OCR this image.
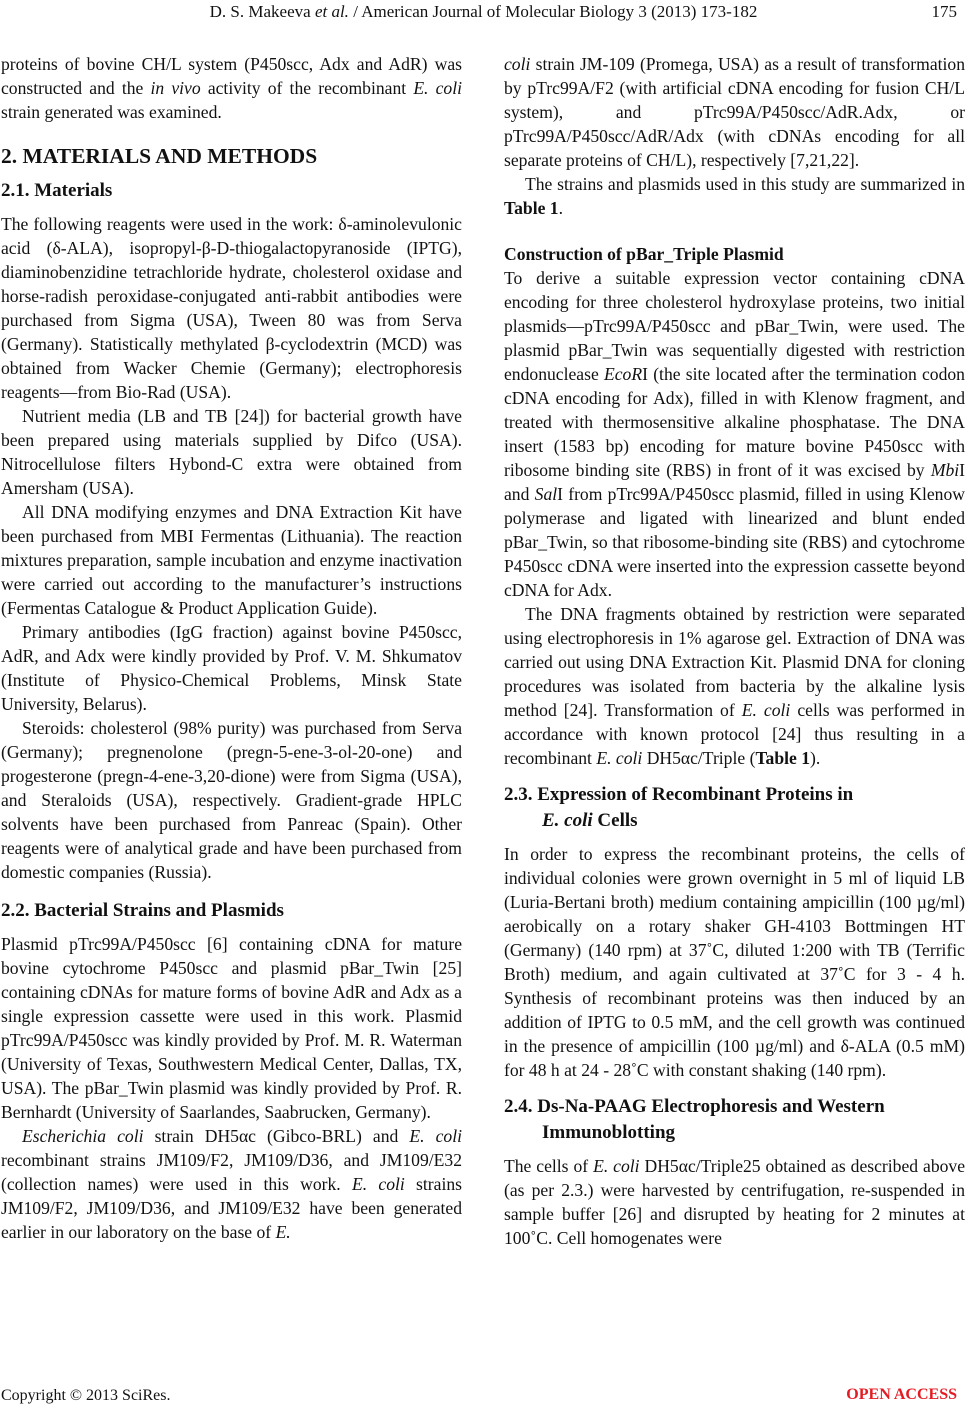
D. S. Makeeva et al. / American Journal of Molecular Biology 3 (2013) 173-182	175

proteins of bovine CH/L system (P450scc, Adx and AdR) was constructed and the in vivo activity of the recombinant E. coli strain generated was examined.

2. MATERIALS AND METHODS
2.1. Materials

The following reagents were used in the work: δ-aminolevulonic acid (δ-ALA), isopropyl-β-D-thiogalactopyranoside (IPTG), diaminobenzidine tetrachloride hydrate, cholesterol oxidase and horse-radish peroxidase-conjugated anti-rabbit antibodies were purchased from Sigma (USA), Tween 80 was from Serva (Germany). Statistically methylated β-cyclodextrin (MCD) was obtained from Wacker Chemie (Germany); electrophoresis reagents—from Bio-Rad (USA).

Nutrient media (LB and TB [24]) for bacterial growth have been prepared using materials supplied by Difco (USA). Nitrocellulose filters Hybond-C extra were obtained from Amersham (USA).

All DNA modifying enzymes and DNA Extraction Kit have been purchased from MBI Fermentas (Lithuania). The reaction mixtures preparation, sample incubation and enzyme inactivation were carried out according to the manufacturer’s instructions (Fermentas Catalogue & Product Application Guide).

Primary antibodies (IgG fraction) against bovine P450scc, AdR, and Adx were kindly provided by Prof. V. M. Shkumatov (Institute of Physico-Chemical Problems, Minsk State University, Belarus).

Steroids: cholesterol (98% purity) was purchased from Serva (Germany); pregnenolone (pregn-5-ene-3-ol-20-one) and progesterone (pregn-4-ene-3,20-dione) were from Sigma (USA), and Steraloids (USA), respectively. Gradient-grade HPLC solvents have been purchased from Panreac (Spain). Other reagents were of analytical grade and have been purchased from domestic companies (Russia).

2.2. Bacterial Strains and Plasmids

Plasmid pTrc99A/P450scc [6] containing cDNA for mature bovine cytochrome P450scc and plasmid pBar_Twin [25] containing cDNAs for mature forms of bovine AdR and Adx as a single expression cassette were used in this work. Plasmid pTrc99A/P450scc was kindly provided by Prof. M. R. Waterman (University of Texas, Southwestern Medical Center, Dallas, TX, USA). The pBar_Twin plasmid was kindly provided by Prof. R. Bernhardt (University of Saarlandes, Saabrucken, Germany).

Escherichia coli strain DH5αc (Gibco-BRL) and E. coli recombinant strains JM109/F2, JM109/D36, and JM109/E32 (collection names) were used in this work. E. coli strains JM109/F2, JM109/D36, and JM109/E32 have been generated earlier in our laboratory on the base of E.

coli strain JM-109 (Promega, USA) as a result of transformation by pTrc99A/F2 (with artificial cDNA encoding for fusion CH/L system), and pTrc99A/P450scc/AdR.Adx, or pTrc99A/P450scc/AdR/Adx (with cDNAs encoding for all separate proteins of CH/L), respectively [7,21,22].

The strains and plasmids used in this study are summarized in Table 1.

Construction of pBar_Triple Plasmid

To derive a suitable expression vector containing cDNA encoding for three cholesterol hydroxylase proteins, two initial plasmids—pTrc99A/P450scc and pBar_Twin, were used. The plasmid pBar_Twin was sequentially digested with restriction endonuclease EcoRI (the site located after the termination codon cDNA encoding for Adx), filled in with Klenow fragment, and treated with thermosensitive alkaline phosphatase. The DNA insert (1583 bp) encoding for mature bovine P450scc with ribosome binding site (RBS) in front of it was excised by MbiI and SalI from pTrc99A/P450scc plasmid, filled in using Klenow polymerase and ligated with linearized and blunt ended pBar_Twin, so that ribosome-binding site (RBS) and cytochrome P450scc cDNA were inserted into the expression cassette beyond cDNA for Adx.

The DNA fragments obtained by restriction were separated using electrophoresis in 1% agarose gel. Extraction of DNA was carried out using DNA Extraction Kit. Plasmid DNA for cloning procedures was isolated from bacteria by the alkaline lysis method [24]. Transformation of E. coli cells was performed in accordance with known protocol [24] thus resulting in a recombinant E. coli DH5αc/Triple (Table 1).

2.3. Expression of Recombinant Proteins in
E. coli Cells

In order to express the recombinant proteins, the cells of individual colonies were grown overnight in 5 ml of liquid LB (Luria-Bertani broth) medium containing ampicillin (100 µg/ml) aerobically on a rotary shaker GH-4103 Bottmingen HT (Germany) (140 rpm) at 37˚C, diluted 1:200 with TB (Terrific Broth) medium, and again cultivated at 37˚C for 3 - 4 h. Synthesis of recombinant proteins was then induced by an addition of IPTG to 0.5 mM, and the cell growth was continued in the presence of ampicillin (100 µg/ml) and δ-ALA (0.5 mM) for 48 h at 24 - 28˚C with constant shaking (140 rpm).

2.4. Ds-Na-PAAG Electrophoresis and Western
Immunoblotting

The cells of E. coli DH5αc/Triple25 obtained as described above (as per 2.3.) were harvested by centrifugation, re-suspended in sample buffer [26] and disrupted by heating for 2 minutes at 100˚C. Cell homogenates were

Copyright © 2013 SciRes.	OPEN ACCESS
